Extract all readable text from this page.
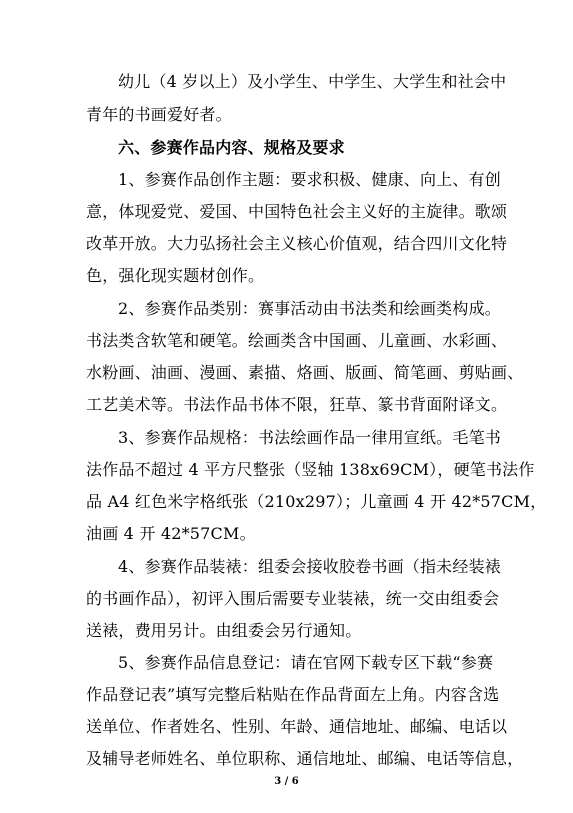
幼儿（4 岁以上）及小学生、中学生、大学生和社会中
青年的书画爱好者。
六、参赛作品内容、规格及要求
1、参赛作品创作主题：要求积极、健康、向上、有创
意，体现爱党、爱国、中国特色社会主义好的主旋律。歌颂
改革开放。大力弘扬社会主义核心价值观，结合四川文化特
色，强化现实题材创作。
2、参赛作品类别：赛事活动由书法类和绘画类构成。
书法类含软笔和硬笔。绘画类含中国画、儿童画、水彩画、
水粉画、油画、漫画、素描、烙画、版画、简笔画、剪贴画、
工艺美术等。书法作品书体不限，狂草、篆书背面附译文。
3、参赛作品规格：书法绘画作品一律用宣纸。毛笔书
法作品不超过 4 平方尺整张（竖轴 138x69CM），硬笔书法作
品 A4 红色米字格纸张（210x297）；儿童画 4 开 42*57CM，
油画 4 开 42*57CM。
4、参赛作品装裱：组委会接收胶卷书画（指未经装裱
的书画作品），初评入围后需要专业装裱，统一交由组委会
送裱，费用另计。由组委会另行通知。
5、参赛作品信息登记：请在官网下载专区下载“参赛
作品登记表”填写完整后粘贴在作品背面左上角。内容含选
送单位、作者姓名、性别、年龄、通信地址、邮编、电话以
及辅导老师姓名、单位职称、通信地址、邮编、电话等信息，
3 / 6
